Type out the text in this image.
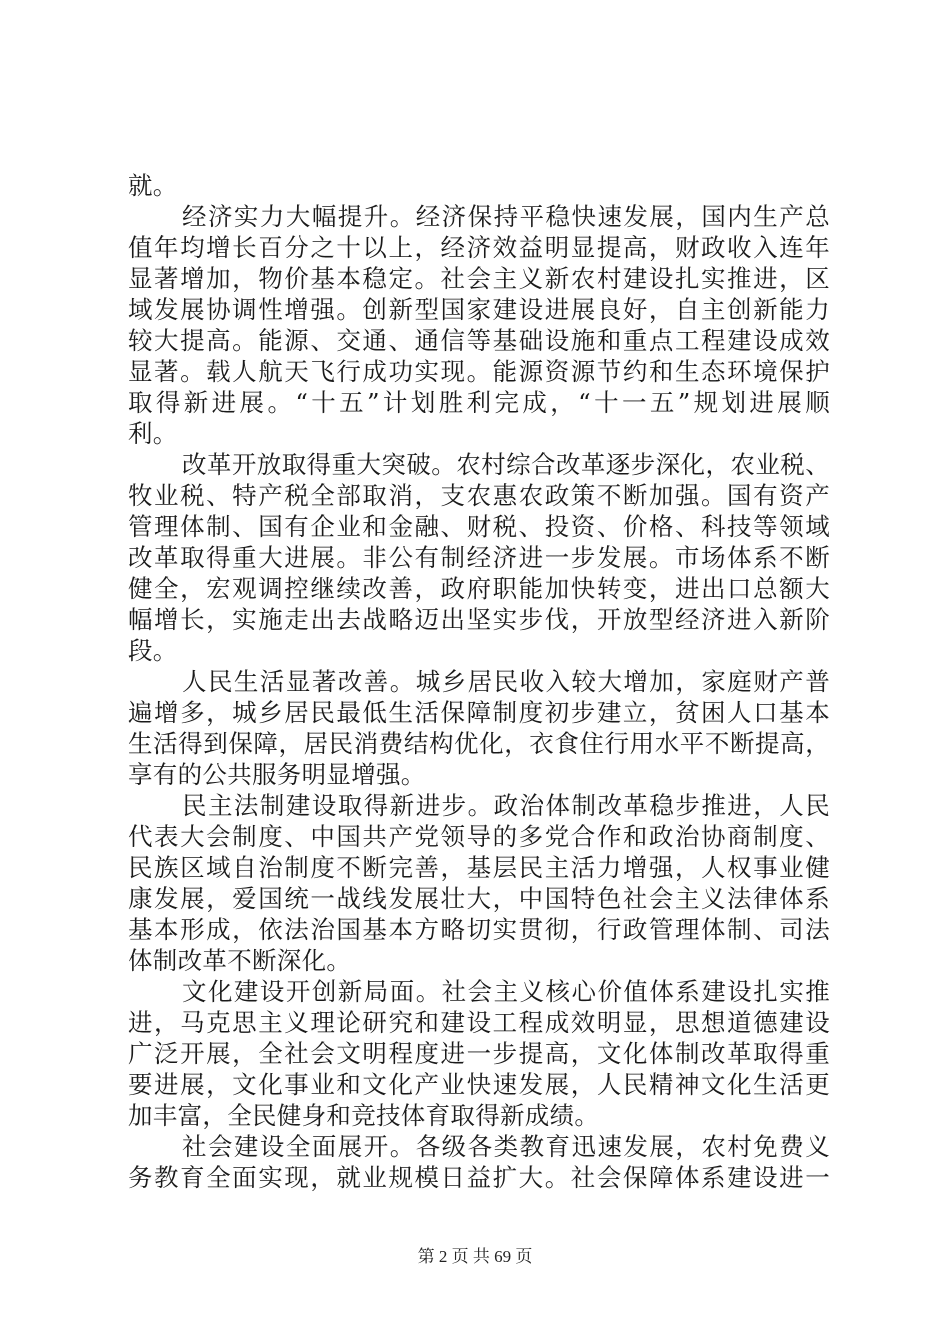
就。
经济实力大幅提升。经济保持平稳快速发展，国内生产总
值年均增长百分之十以上，经济效益明显提高，财政收入连年
显著增加，物价基本稳定。社会主义新农村建设扎实推进，区
域发展协调性增强。创新型国家建设进展良好，自主创新能力
较大提高。能源、交通、通信等基础设施和重点工程建设成效
显著。载人航天飞行成功实现。能源资源节约和生态环境保护
取得新进展。“十五”计划胜利完成，“十一五”规划进展顺
利。
改革开放取得重大突破。农村综合改革逐步深化，农业税、
牧业税、特产税全部取消，支农惠农政策不断加强。国有资产
管理体制、国有企业和金融、财税、投资、价格、科技等领域
改革取得重大进展。非公有制经济进一步发展。市场体系不断
健全，宏观调控继续改善，政府职能加快转变，进出口总额大
幅增长，实施走出去战略迈出坚实步伐，开放型经济进入新阶
段。
人民生活显著改善。城乡居民收入较大增加，家庭财产普
遍增多，城乡居民最低生活保障制度初步建立，贫困人口基本
生活得到保障，居民消费结构优化，衣食住行用水平不断提高，
享有的公共服务明显增强。
民主法制建设取得新进步。政治体制改革稳步推进，人民
代表大会制度、中国共产党领导的多党合作和政治协商制度、
民族区域自治制度不断完善，基层民主活力增强，人权事业健
康发展，爱国统一战线发展壮大，中国特色社会主义法律体系
基本形成，依法治国基本方略切实贯彻，行政管理体制、司法
体制改革不断深化。
文化建设开创新局面。社会主义核心价值体系建设扎实推
进，马克思主义理论研究和建设工程成效明显，思想道德建设
广泛开展，全社会文明程度进一步提高，文化体制改革取得重
要进展，文化事业和文化产业快速发展，人民精神文化生活更
加丰富，全民健身和竞技体育取得新成绩。
社会建设全面展开。各级各类教育迅速发展，农村免费义
务教育全面实现，就业规模日益扩大。社会保障体系建设进一
第 2 页 共 69 页
